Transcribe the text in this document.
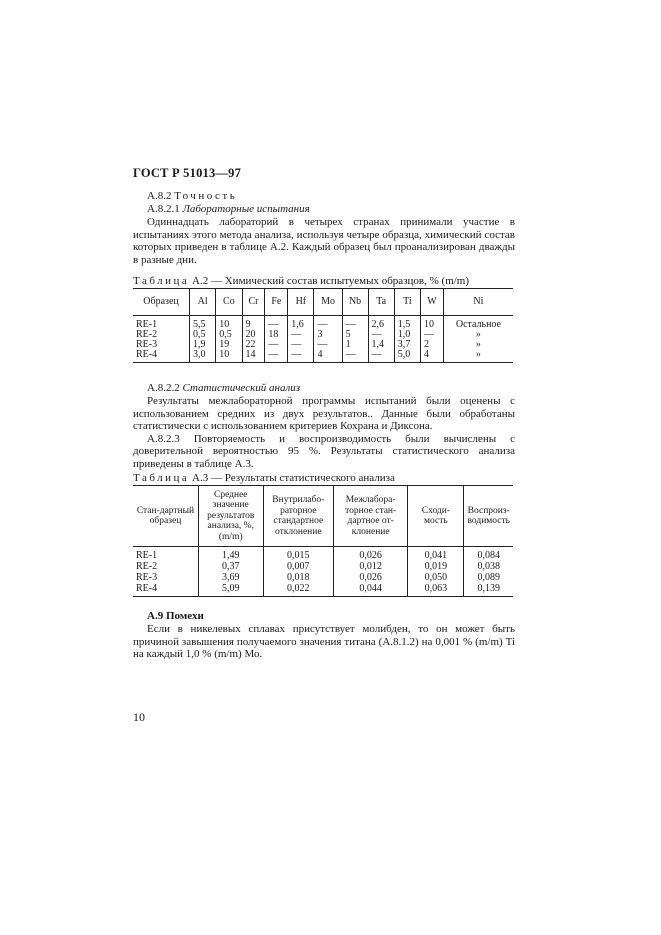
ГОСТ Р 51013—97
А.8.2 Точность
А.8.2.1 Лабораторные испытания

Одиннадцать лабораторий в четырех странах принимали участие в испытаниях этого метода анализа, используя четыре образца, химический состав которых приведен в таблице А.2. Каждый образец был проанализирован дважды в разные дни.

Таблица А.2 — Химический состав испытуемых образцов, % (m/m)
Образец	Al	Co	Cr	Fe	Hf	Mo	Nb	Ta	Ti	W	Ni
RE-1	5,5	10	9	—	1,6	—	—	2,6	1,5	10	Остальное
RE-2	0,5	0,5	20	18	—	3	5	—	1,0	—	»
RE-3	1,9	19	22	—	—	—	1	1,4	3,7	2	»
RE-4	3,0	10	14	—	—	4	—	—	5,0	4	»
А.8.2.2 Статистический анализ

Результаты межлабораторной программы испытаний были оценены с использованием средних из двух результатов.. Данные были обработаны статистически с использованием критериев Кохрана и Диксона.

А.8.2.3 Повторяемость и воспроизводимость были вычислены с доверительной вероятностью 95 %. Результаты статистического анализа приведены в таблице А.3.

Таблица А.3 — Результаты статистического анализа
Стан-дартный образец	Среднее значение результатов анализа, %, (m/m)	Внутрилабо-раторное стандартное отклонение	Межлабора-торное стан-дартное от-клонение	Сходи-мость	Воспроиз-водимость
RE-1	1,49	0,015	0,026	0,041	0,084
RE-2	0,37	0,007	0,012	0,019	0,038
RE-3	3,69	0,018	0,026	0,050	0,089
RE-4	5,09	0,022	0,044	0,063	0,139
А.9 Помехи

Если в никелевых сплавах присутствует молибден, то он может быть причиной завышения получаемого значения титана (А.8.1.2) на 0,001 % (m/m) Ti на каждый 1,0 % (m/m) Мо.

10
